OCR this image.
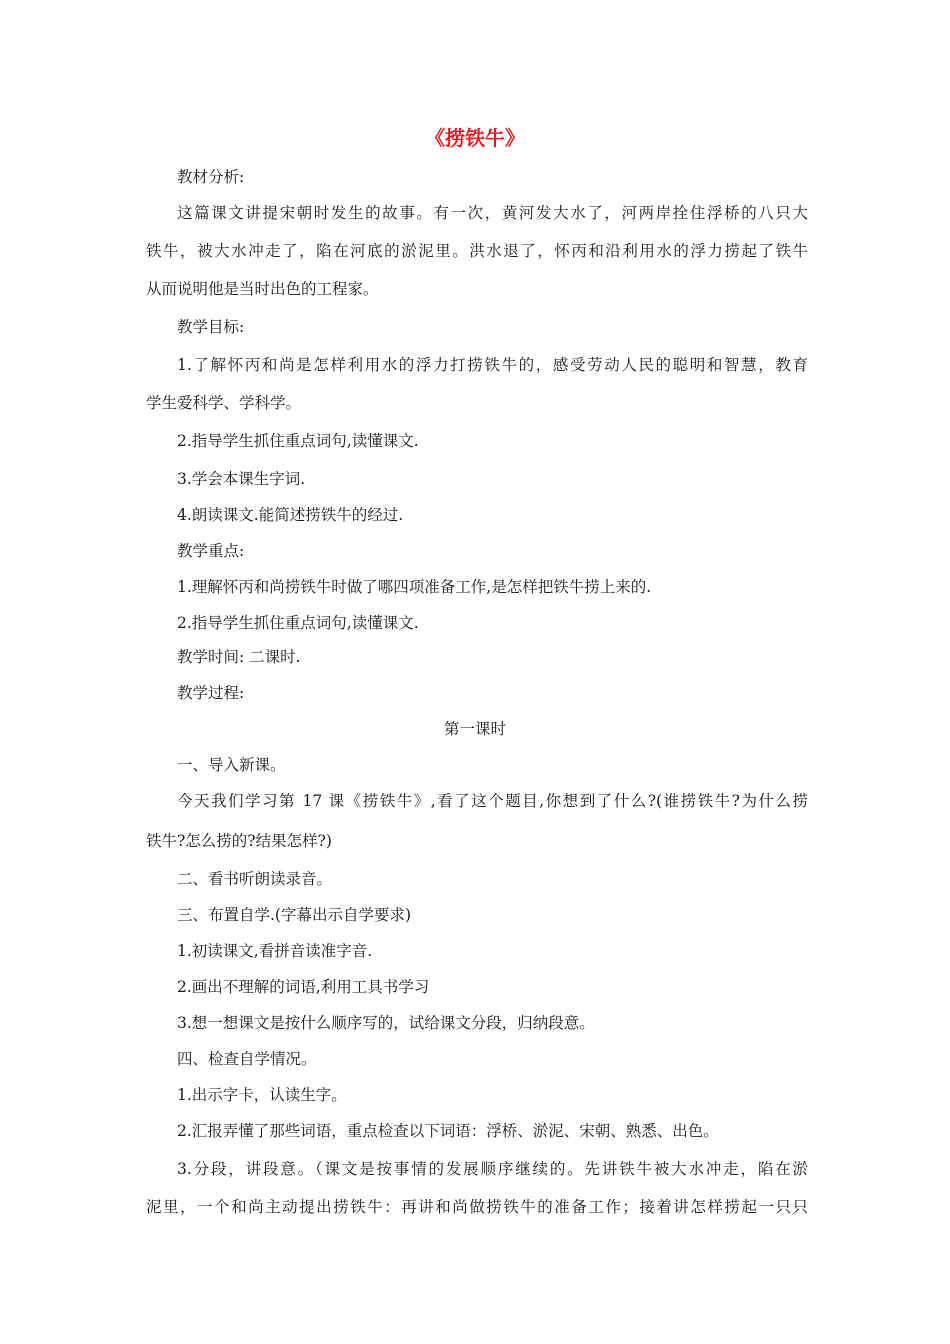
《捞铁牛》
教材分析:
这篇课文讲提宋朝时发生的故事。有一次，黄河发大水了，河两岸拴住浮桥的八只大
铁牛，被大水冲走了，陷在河底的淤泥里。洪水退了，怀丙和沿利用水的浮力捞起了铁牛
从而说明他是当时出色的工程家。
教学目标:
1.了解怀丙和尚是怎样利用水的浮力打捞铁牛的，感受劳动人民的聪明和智慧，教育
学生爱科学、学科学。
2.指导学生抓住重点词句,读懂课文.
3.学会本课生字词.
4.朗读课文.能简述捞铁牛的经过.
教学重点:
1.理解怀丙和尚捞铁牛时做了哪四项准备工作,是怎样把铁牛捞上来的.
2.指导学生抓住重点词句,读懂课文.
教学时间: 二课时.
教学过程:
第一课时
一、导入新课。
今天我们学习第 17 课《捞铁牛》,看了这个题目,你想到了什么?(谁捞铁牛?为什么捞
铁牛?怎么捞的?结果怎样?)
二、看书听朗读录音。
三、布置自学.(字幕出示自学要求)
1.初读课文,看拼音读准字音.
2.画出不理解的词语,利用工具书学习
3.想一想课文是按什么顺序写的，试给课文分段，归纳段意。
四、检查自学情况。
1.出示字卡，认读生字。
2.汇报弄懂了那些词语，重点检查以下词语：浮桥、淤泥、宋朝、熟悉、出色。
3.分段，讲段意。（课文是按事情的发展顺序继续的。先讲铁牛被大水冲走，陷在淤
泥里，一个和尚主动提出捞铁牛：再讲和尚做捞铁牛的准备工作；接着讲怎样捞起一只只
